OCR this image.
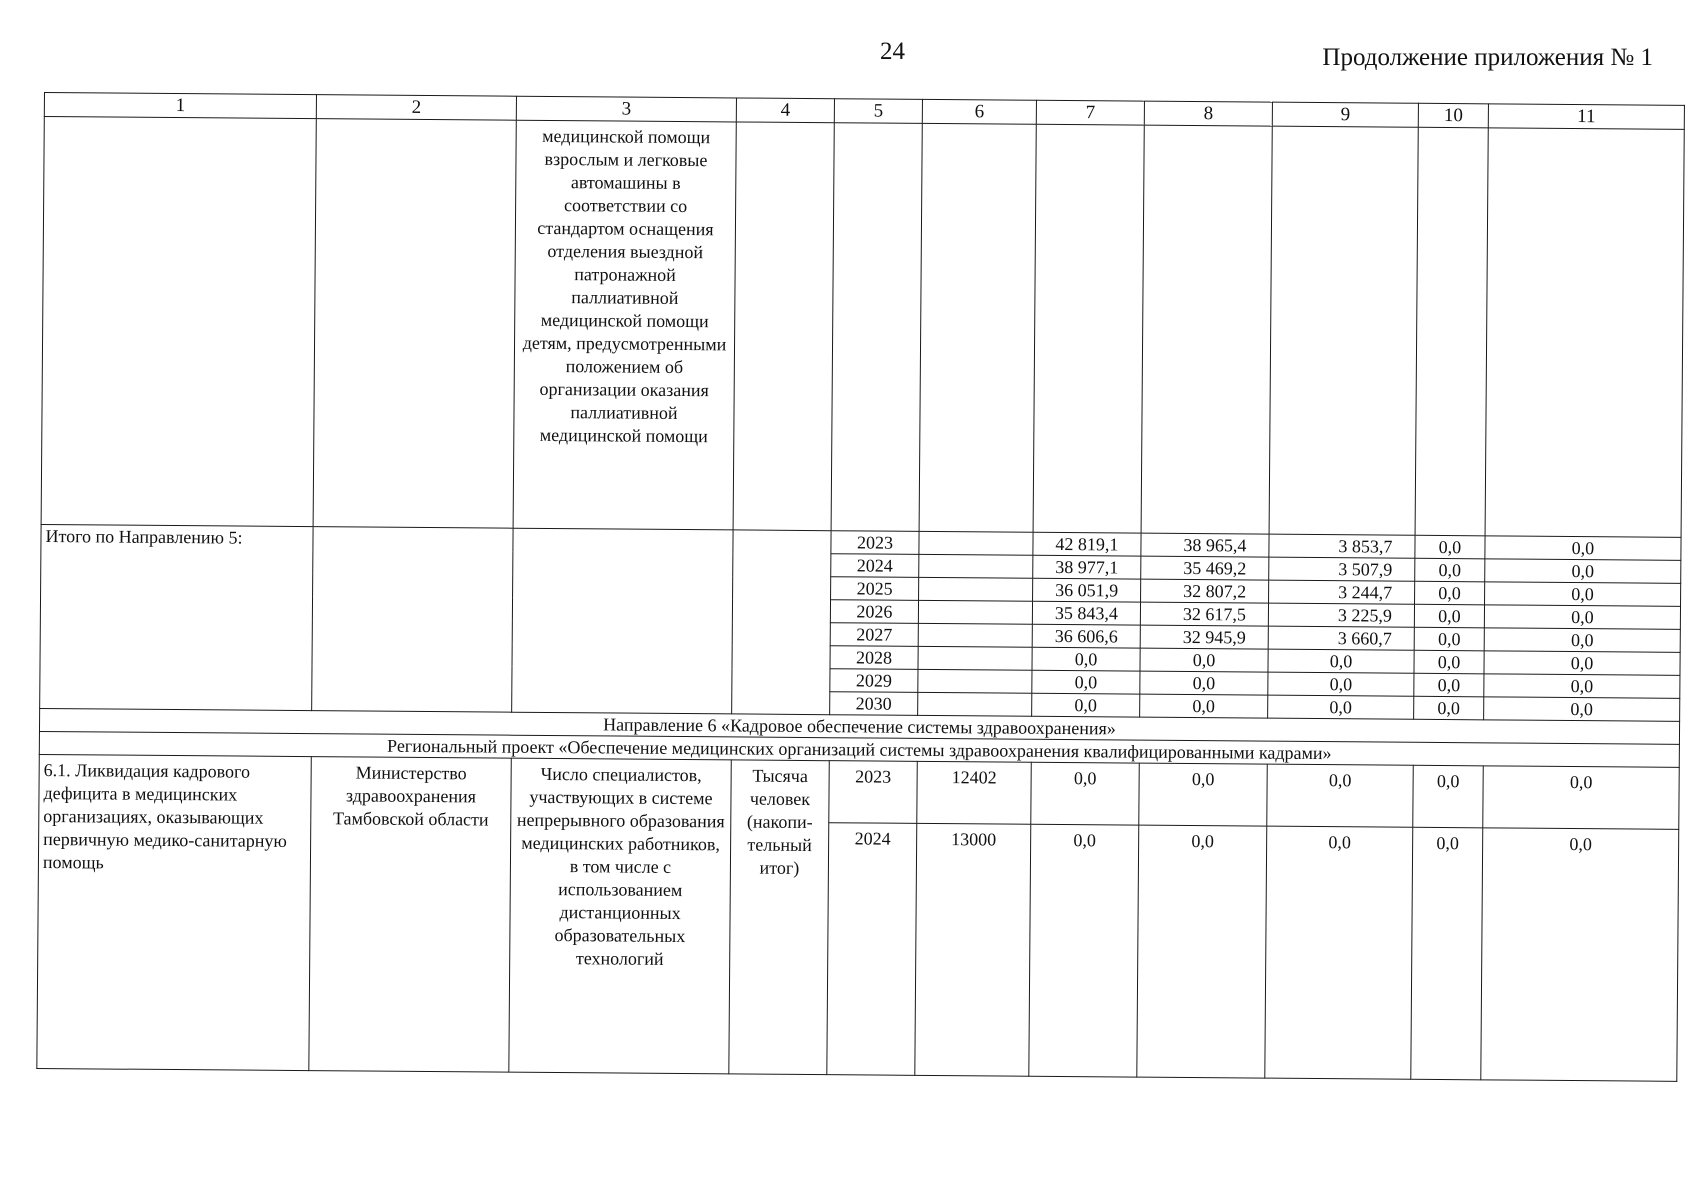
24	Продолжение приложения № 1
1	2	3	4	5	6	7	8	9	10	11
		медицинской помощи взрослым и легковые автомашины в соответствии со стандартом оснащения отделения выездной патронажной паллиативной медицинской помощи детям, предусмотренными положением об организации оказания паллиативной медицинской помощи								
Итого по Направлению 5:				2023		42 819,1	38 965,4	3 853,7	0,0	0,0
				2024		38 977,1	35 469,2	3 507,9	0,0	0,0
				2025		36 051,9	32 807,2	3 244,7	0,0	0,0
				2026		35 843,4	32 617,5	3 225,9	0,0	0,0
				2027		36 606,6	32 945,9	3 660,7	0,0	0,0
				2028		0,0	0,0	0,0	0,0	0,0
				2029		0,0	0,0	0,0	0,0	0,0
				2030		0,0	0,0	0,0	0,0	0,0
Направление 6 «Кадровое обеспечение системы здравоохранения»										
Региональный проект «Обеспечение медицинских организаций системы здравоохранения квалифицированными кадрами»										
6.1. Ликвидация кадрового дефицита в медицинских организациях, оказывающих первичную медико-санитарную помощь	Министерство здравоохранения Тамбовской области	Число специалистов, участвующих в системе непрерывного образования медицинских работников, в том числе с использованием дистанционных образовательных технологий	Тысяча человек (накопи-тельный итог)	2023	12402	0,0	0,0	0,0	0,0	0,0
				2024	13000	0,0	0,0	0,0	0,0	0,0
